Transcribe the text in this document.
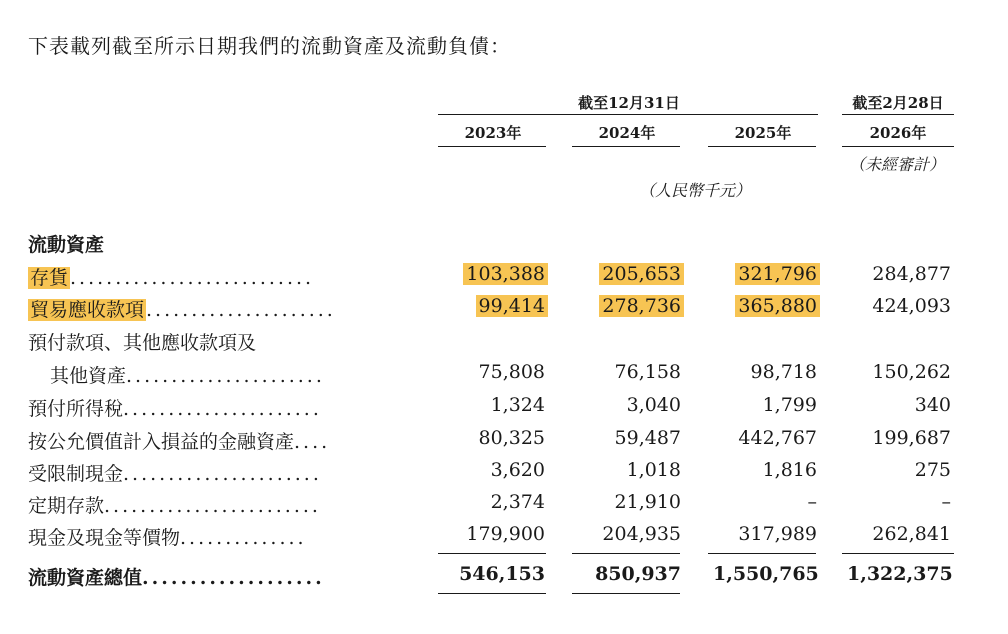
下表載列截至所示日期我們的流動資產及流動負債：
截至12月31日	截至2月28日
2023年	2024年	2025年	2026年
（未經審計）
（人民幣千元）
流動資產
存貨 ...........................	103,388	205,653	321,796	284,877
貿易應收款項 .....................	99,414	278,736	365,880	424,093
預付款項、其他應收款項及
其他資產......................	75,808	76,158	98,718	150,262
預付所得稅......................	1,324	3,040	1,799	340
按公允價值計入損益的金融資產....	80,325	59,487	442,767	199,687
受限制現金......................	3,620	1,018	1,816	275
定期存款........................	2,374	21,910	–	–
現金及現金等價物..............	179,900	204,935	317,989	262,841
流動資產總值...................	546,153	850,937 1,550,765 1,322,375
